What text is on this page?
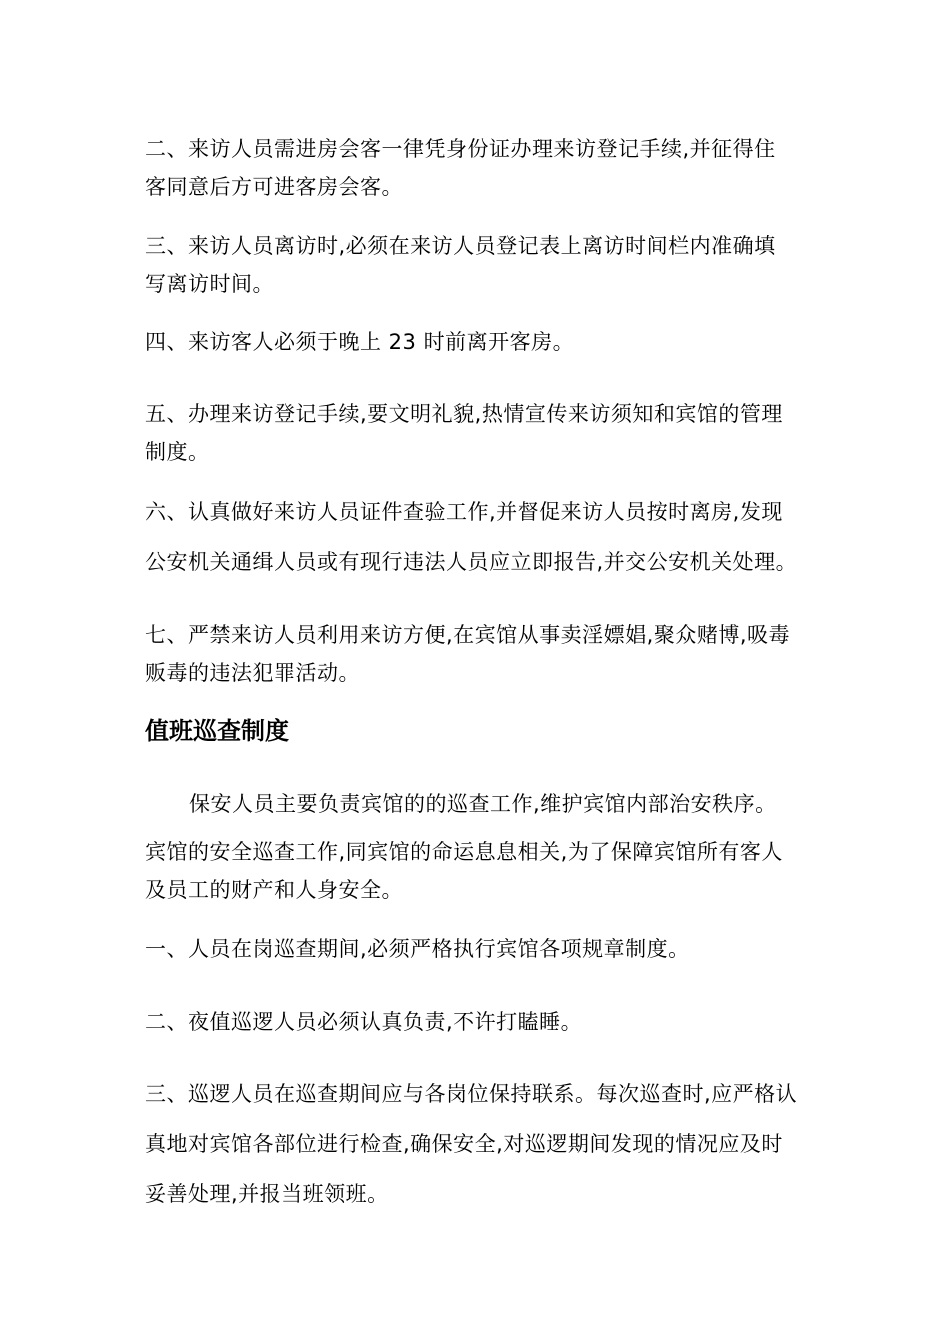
二、来访人员需进房会客一律凭身份证办理来访登记手续,并征得住
客同意后方可进客房会客。
三、来访人员离访时,必须在来访人员登记表上离访时间栏内准确填
写离访时间。
四、来访客人必须于晚上 23 时前离开客房。
五、办理来访登记手续,要文明礼貌,热情宣传来访须知和宾馆的管理
制度。
六、认真做好来访人员证件查验工作,并督促来访人员按时离房,发现
公安机关通缉人员或有现行违法人员应立即报告,并交公安机关处理。
七、严禁来访人员利用来访方便,在宾馆从事卖淫嫖娼,聚众赌博,吸毒
贩毒的违法犯罪活动。
值班巡查制度
保安人员主要负责宾馆的的巡查工作,维护宾馆内部治安秩序。
宾馆的安全巡查工作,同宾馆的命运息息相关,为了保障宾馆所有客人
及员工的财产和人身安全。
一、人员在岗巡查期间,必须严格执行宾馆各项规章制度。
二、夜值巡逻人员必须认真负责,不许打瞌睡。
三、巡逻人员在巡查期间应与各岗位保持联系。每次巡查时,应严格认
真地对宾馆各部位进行检查,确保安全,对巡逻期间发现的情况应及时
妥善处理,并报当班领班。
